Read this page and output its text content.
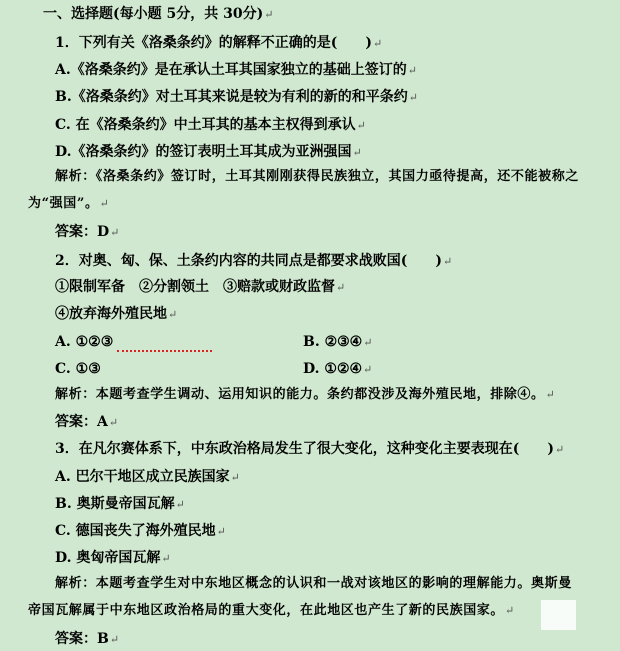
一、选择题(每小题 5分，共 30分)↵
1．下列有关《洛桑条约》的解释不正确的是(　　)↵
A.《洛桑条约》是在承认土耳其国家独立的基础上签订的↵
B.《洛桑条约》对土耳其来说是较为有利的新的和平条约↵
C. 在《洛桑条约》中土耳其的基本主权得到承认↵
D.《洛桑条约》的签订表明土耳其成为亚洲强国↵
解析：《洛桑条约》签订时，土耳其刚刚获得民族独立，其国力亟待提高，还不能被称之
为“强国”。↵
答案：D↵
2．对奥、匈、保、土条约内容的共同点是都要求战败国(　　)↵
①限制军备　②分割领土　③赔款或财政监督↵
④放弃海外殖民地↵
A. ①②③	B. ②③④↵
C. ①③	D. ①②④↵
解析：本题考查学生调动、运用知识的能力。条约都没涉及海外殖民地，排除④。↵
答案：A↵
3．在凡尔赛体系下，中东政治格局发生了很大变化，这种变化主要表现在(　　)↵
A. 巴尔干地区成立民族国家↵
B. 奥斯曼帝国瓦解↵
C. 德国丧失了海外殖民地↵
D. 奥匈帝国瓦解↵
解析：本题考查学生对中东地区概念的认识和一战对该地区的影响的理解能力。奥斯曼
帝国瓦解属于中东地区政治格局的重大变化，在此地区也产生了新的民族国家。↵
答案：B↵
